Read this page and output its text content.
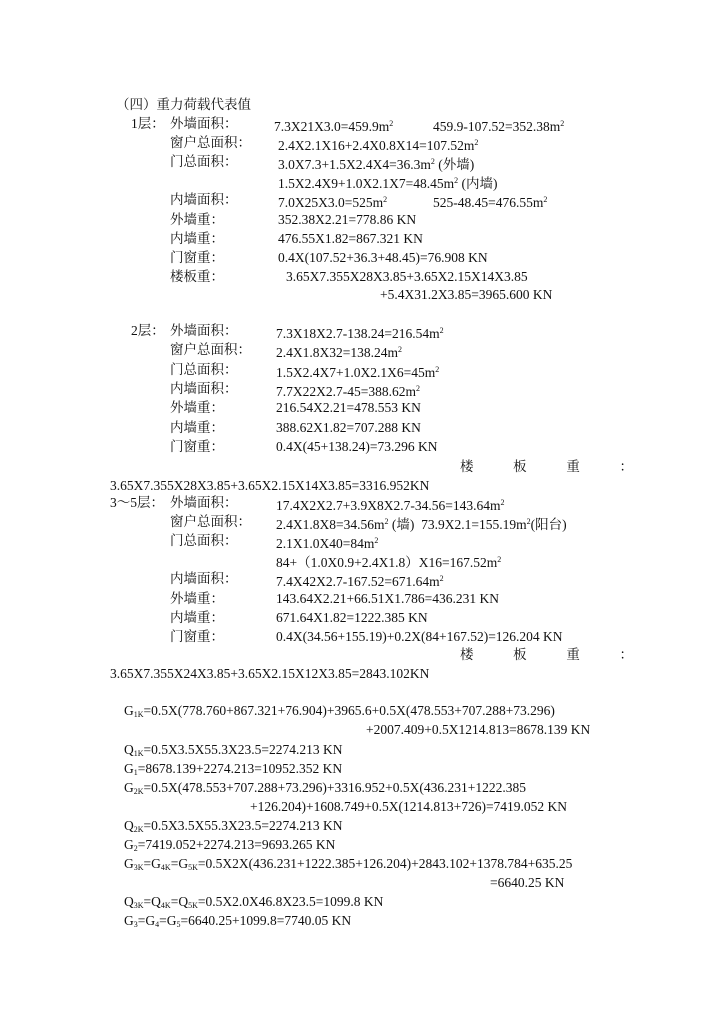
（四）重力荷载代表值
1层： 外墙面积：	$7.3X21X3.0=459.9m^2$	$459.9-107.52=352.38m^2$
窗户总面积： $2.4X2.1X16+2.4X0.8X14=107.52m^2$
门总面积：	$3.0X7.3+1.5X2.4X4=36.3m^2$ (外墙)
$1.5X2.4X9+1.0X2.1X7=48.45m^2$ (内墙)
内墙面积：	$7.0X25X3.0=525m^2$	$525-48.45=476.55m^2$
外墙重：	352.38X2.21=778.86 KN
内墙重：	476.55X1.82=867.321 KN
门窗重：	0.4X(107.52+36.3+48.45)=76.908 KN
楼板重：	3.65X7.355X28X3.85+3.65X2.15X14X3.85
+5.4X31.2X3.85=3965.600 KN
2层： 外墙面积：	$7.3X18X2.7-138.24=216.54m^2$
窗户总面积： $2.4X1.8X32=138.24m^2$
门总面积：	$1.5X2.4X7+1.0X2.1X6=45m^2$
内墙面积：	$7.7X22X2.7-45=388.62m^2$
外墙重：	216.54X2.21=478.553 KN
内墙重：	388.62X1.82=707.288 KN
门窗重：	0.4X(45+138.24)=73.296 KN
楼	板	重	：
3.65X7.355X28X3.85+3.65X2.15X14X3.85=3316.952KN
3～5层： 外墙面积：	$17.4X2X2.7+3.9X8X2.7-34.56=143.64m^2$
窗户总面积： $2.4X1.8X8=34.56m^2$ (墙)  $73.9X2.1=155.19m^2$(阳台)
门总面积：	$2.1X1.0X40=84m^2$
$84+(1.0X0.9+2.4X1.8)X16=167.52m^2$
内墙面积：	$7.4X42X2.7-167.52=671.64m^2$
外墙重：	143.64X2.21+66.51X1.786=436.231 KN
内墙重：	671.64X1.82=1222.385 KN
门窗重：	0.4X(34.56+155.19)+0.2X(84+167.52)=126.204 KN
楼	板	重	：
3.65X7.355X24X3.85+3.65X2.15X12X3.85=2843.102KN
$G_{1K}=0.5X(778.760+867.321+76.904)+3965.6+0.5X(478.553+707.288+73.296)$
+2007.409+0.5X1214.813=8678.139 KN
$Q_{1K}=0.5X3.5X55.3X23.5=2274.213$ KN
$G_1=8678.139+2274.213=10952.352$ KN
$G_{2K}=0.5X(478.553+707.288+73.296)+3316.952+0.5X(436.231+1222.385$
+126.204)+1608.749+0.5X(1214.813+726)=7419.052 KN
$Q_{2K}=0.5X3.5X55.3X23.5=2274.213$ KN
$G_2=7419.052+2274.213=9693.265$ KN
$G_{3K}=G_{4K}=G_{5K}=0.5X2X(436.231+1222.385+126.204)+2843.102+1378.784+635.25$
=6640.25 KN
$Q_{3K}=Q_{4K}=Q_{5K}=0.5X2.0X46.8X23.5=1099.8$ KN
$G_3=G_4=G_5=6640.25+1099.8=7740.05$ KN
